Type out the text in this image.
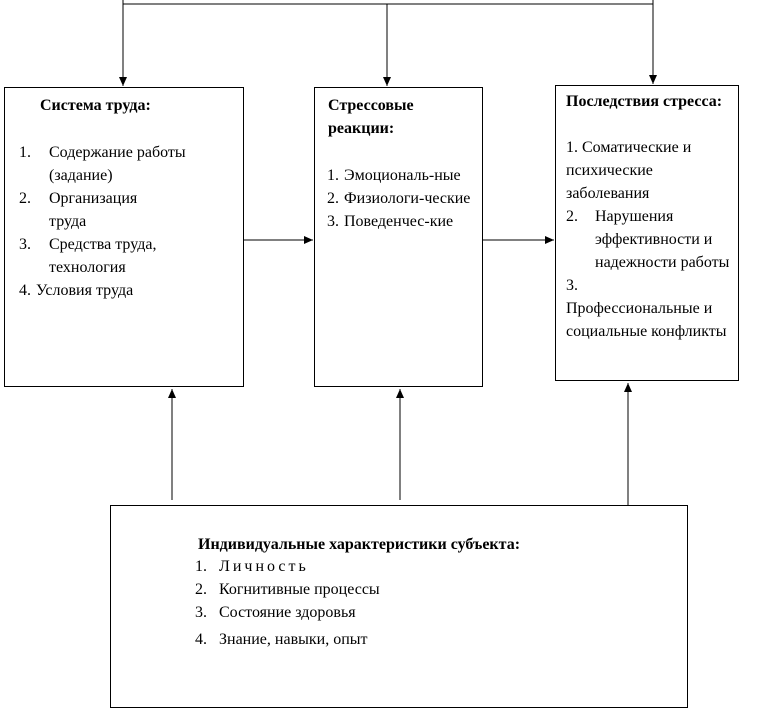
Система труда:
1.	Содержание работы (задание)
2.	Организация труда
3.	Средства труда, технология
4. Условия труда
Стрессовые реакции:
1. Эмоциональ-ные
2. Физиологи-ческие
3. Поведенчес-кие
Последствия стресса:
1. Соматические и психические заболевания
2.	Нарушения эффективности и надежности работы
3.
Профессиональные и социальные конфликты
Индивидуальные характеристики субъекта:
1. Личность
2. Когнитивные процессы
3. Состояние здоровья
4. Знание, навыки, опыт
